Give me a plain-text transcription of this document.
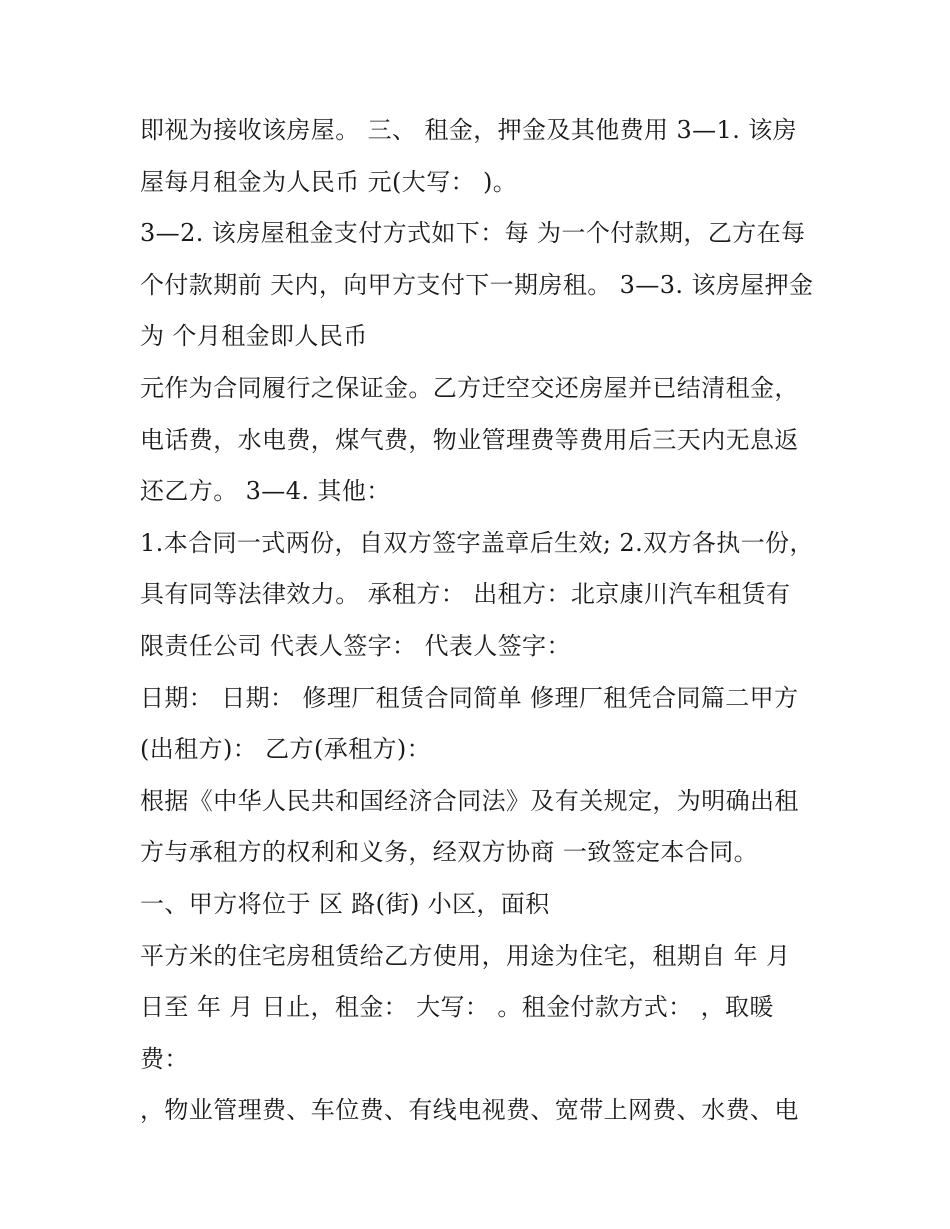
即视为接收该房屋。 三、 租金，押金及其他费用 3—1. 该房
屋每月租金为人民币 元(大写： )。
3—2. 该房屋租金支付方式如下：每 为一个付款期，乙方在每
个付款期前 天内，向甲方支付下一期房租。 3—3. 该房屋押金
为 个月租金即人民币
元作为合同履行之保证金。乙方迁空交还房屋并已结清租金，
电话费，水电费，煤气费，物业管理费等费用后三天内无息返
还乙方。 3—4. 其他：
1.本合同一式两份，自双方签字盖章后生效; 2.双方各执一份，
具有同等法律效力。 承租方： 出租方：北京康川汽车租赁有
限责任公司 代表人签字： 代表人签字：
日期： 日期： 修理厂租赁合同简单 修理厂租凭合同篇二甲方
(出租方)： 乙方(承租方)：
根据《中华人民共和国经济合同法》及有关规定，为明确出租
方与承租方的权利和义务，经双方协商 一致签定本合同。
一、甲方将位于 区 路(街) 小区，面积
平方米的住宅房租赁给乙方使用，用途为住宅，租期自 年 月
日至 年 月 日止，租金： 大写： 。租金付款方式： ，取暖
费：
，物业管理费、车位费、有线电视费、宽带上网费、水费、电
